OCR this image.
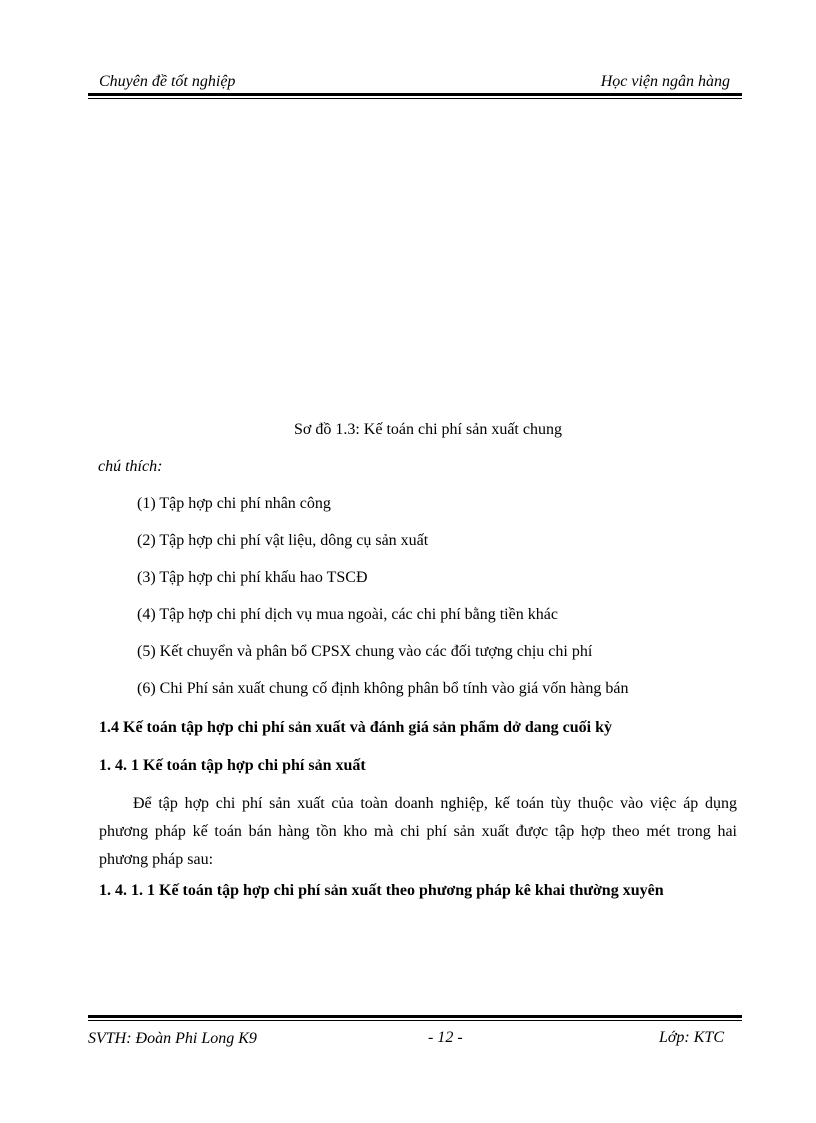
Chuyên đề tốt nghiệp	Học viện ngân hàng
Sơ đồ 1.3: Kế toán chi phí sản xuất chung
chú thích:
(1) Tập hợp chi phí nhân công
(2) Tập hợp chi phí vật liệu, dông cụ sản xuất
(3) Tập hợp chi phí khấu hao TSCĐ
(4) Tập hợp chi phí dịch vụ mua ngoài, các chi phí bằng tiền khác
(5) Kết chuyển và phân bổ CPSX chung vào các đối tượng chịu chi phí
(6) Chi Phí sản xuất chung cố định không phân bổ tính vào giá vốn hàng bán
1.4 Kế toán tập hợp chi phí sản xuất và đánh giá sản phẩm dở dang cuối kỳ
1. 4. 1 Kế toán tập hợp chi phí sản xuất
Để tập hợp chi phí sản xuất của toàn doanh nghiệp, kế toán tùy thuộc vào việc áp dụng phương pháp kế toán bán hàng tồn kho mà chi phí sản xuất được tập hợp theo mét trong hai phương pháp sau:
1. 4. 1. 1 Kế toán tập hợp chi phí sản xuất theo phương pháp kê khai thường xuyên
SVTH: Đoàn Phi Long K9	- 12 -	Lớp: KTC
